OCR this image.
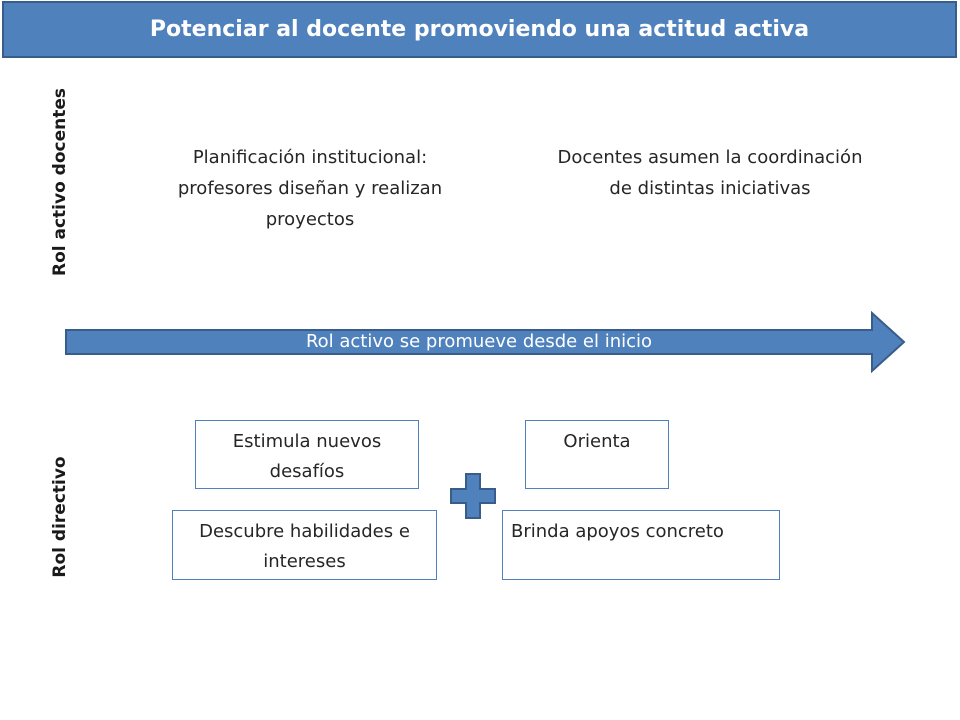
Potenciar al docente promoviendo una actitud activa
Rol activo docentes
Rol directivo
Planificación institucional: profesores diseñan y realizan proyectos
Docentes asumen la coordinación de distintas iniciativas
Rol activo se promueve desde el inicio
Estimula nuevos desafíos
Orienta
Descubre habilidades e intereses
Brinda apoyos concreto
